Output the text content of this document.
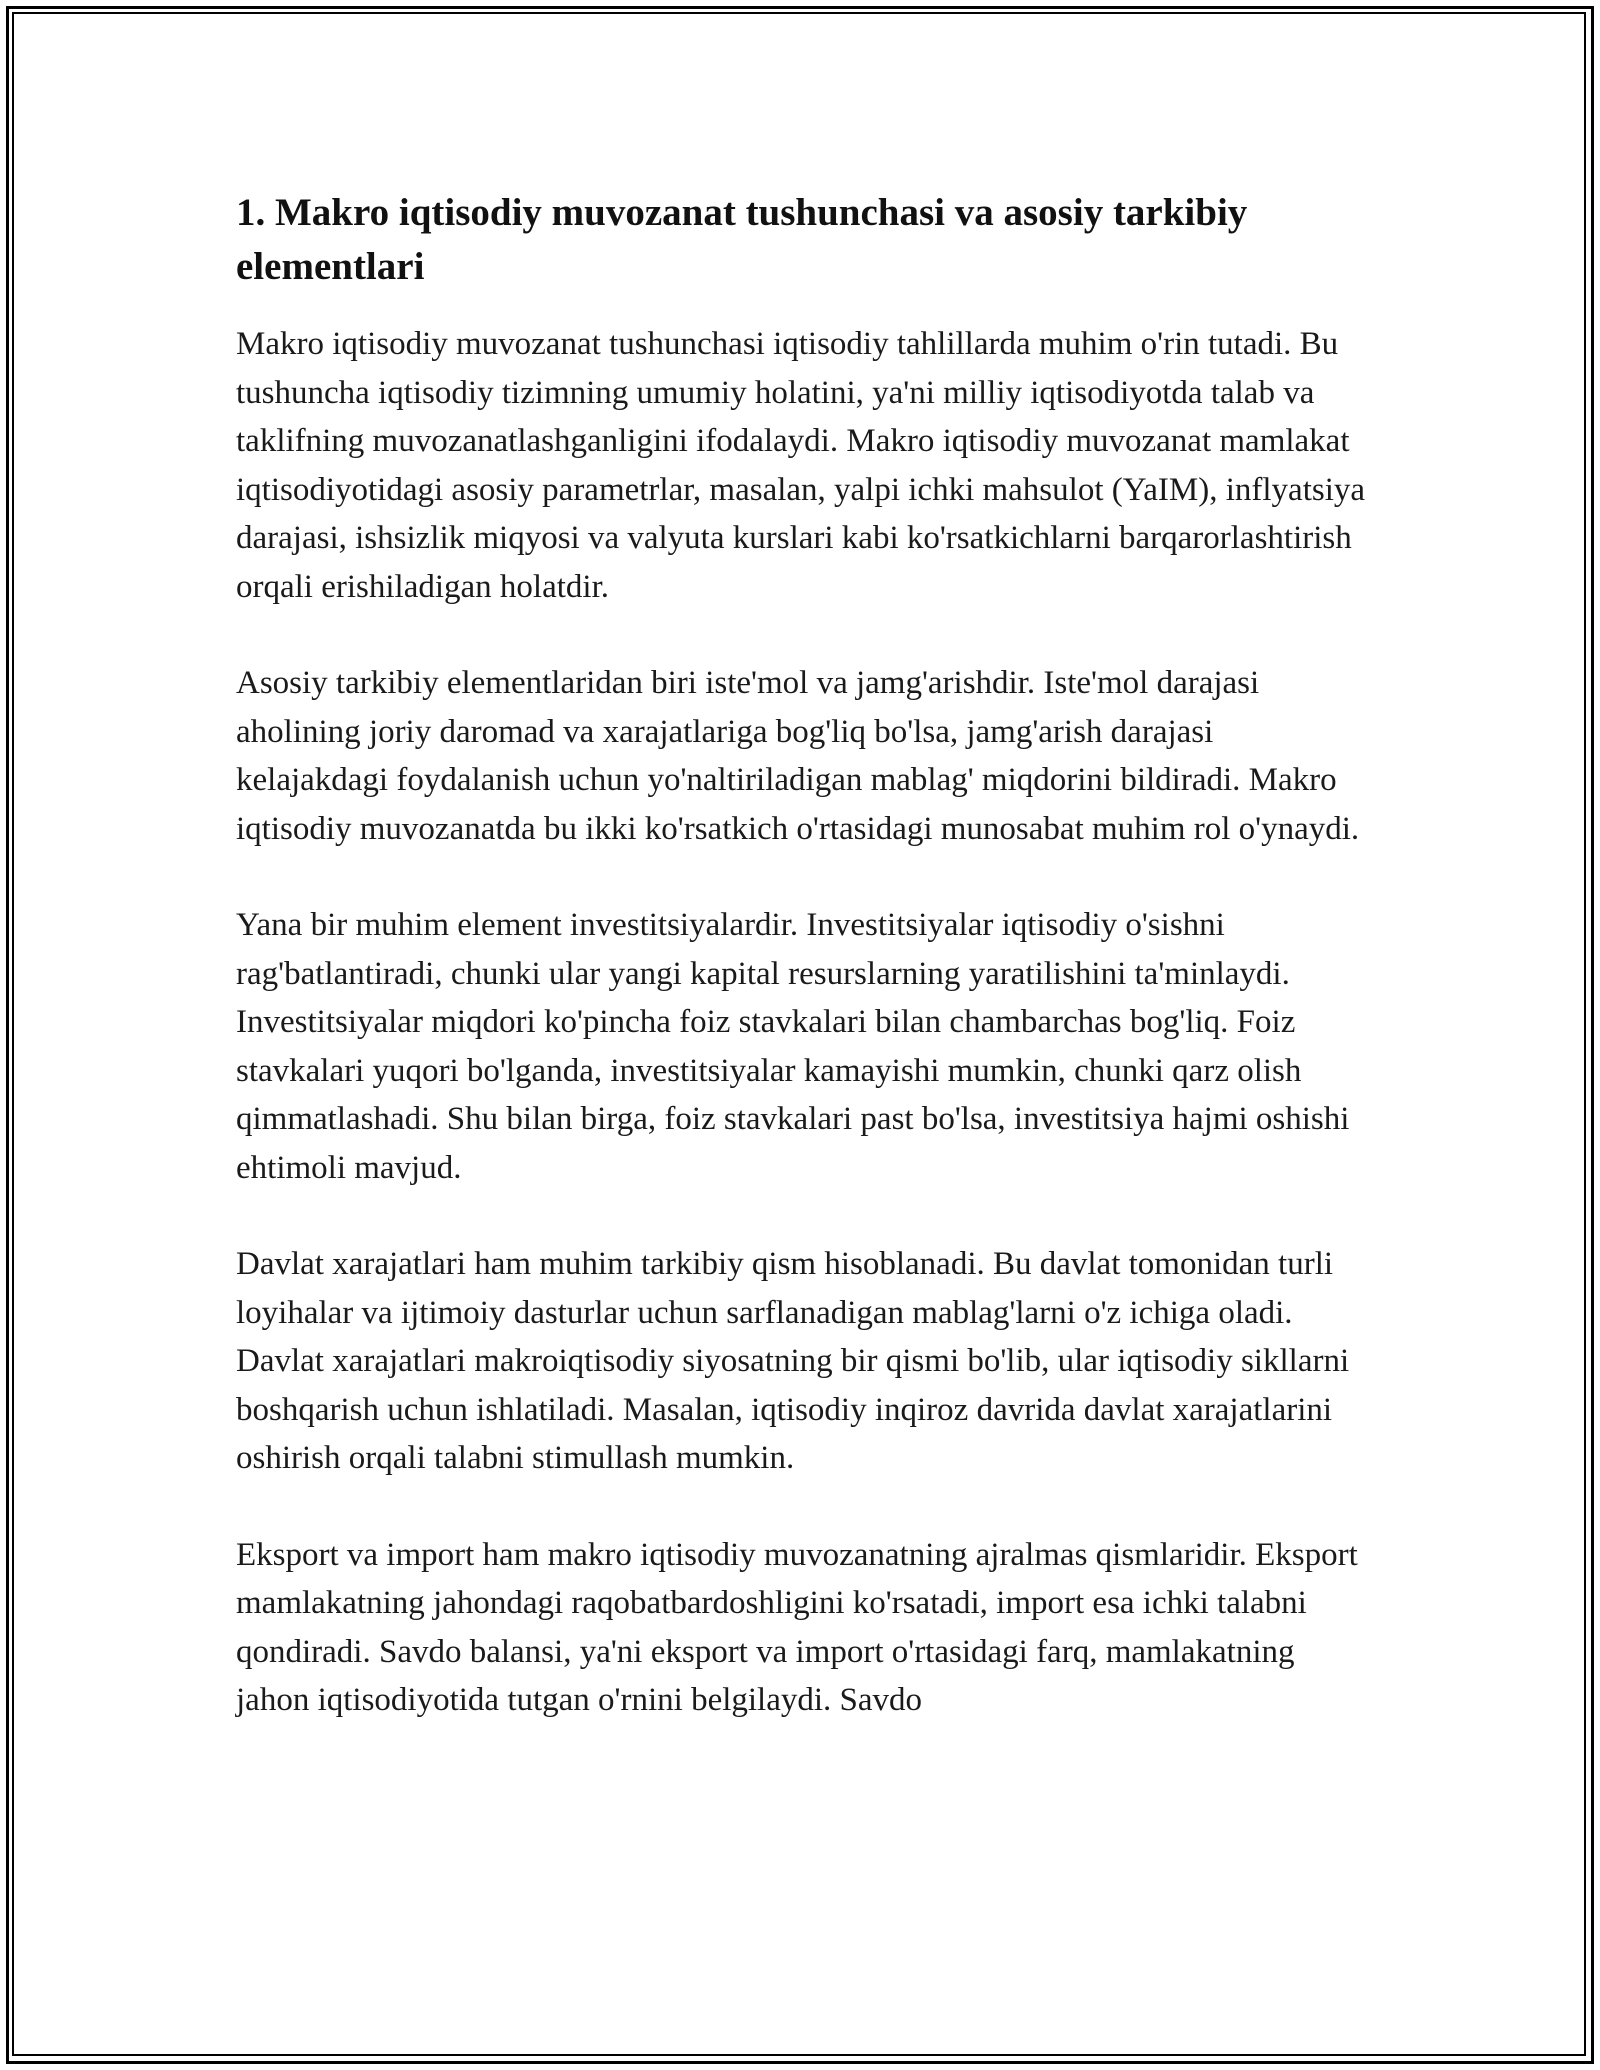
1. Makro iqtisodiy muvozanat tushunchasi va asosiy tarkibiy elementlari

Makro iqtisodiy muvozanat tushunchasi iqtisodiy tahlillarda muhim o'rin tutadi. Bu tushuncha iqtisodiy tizimning umumiy holatini, ya'ni milliy iqtisodiyotda talab va taklifning muvozanatlashganligini ifodalaydi. Makro iqtisodiy muvozanat mamlakat iqtisodiyotidagi asosiy parametrlar, masalan, yalpi ichki mahsulot (YaIM), inflyatsiya darajasi, ishsizlik miqyosi va valyuta kurslari kabi ko'rsatkichlarni barqarorlashtirish orqali erishiladigan holatdir.

Asosiy tarkibiy elementlaridan biri iste'mol va jamg'arishdir. Iste'mol darajasi aholining joriy daromad va xarajatlariga bog'liq bo'lsa, jamg'arish darajasi kelajakdagi foydalanish uchun yo'naltiriladigan mablag' miqdorini bildiradi. Makro iqtisodiy muvozanatda bu ikki ko'rsatkich o'rtasidagi munosabat muhim rol o'ynaydi.

Yana bir muhim element investitsiyalardir. Investitsiyalar iqtisodiy o'sishni rag'batlantiradi, chunki ular yangi kapital resurslarning yaratilishini ta'minlaydi. Investitsiyalar miqdori ko'pincha foiz stavkalari bilan chambarchas bog'liq. Foiz stavkalari yuqori bo'lganda, investitsiyalar kamayishi mumkin, chunki qarz olish qimmatlashadi. Shu bilan birga, foiz stavkalari past bo'lsa, investitsiya hajmi oshishi ehtimoli mavjud.

Davlat xarajatlari ham muhim tarkibiy qism hisoblanadi. Bu davlat tomonidan turli loyihalar va ijtimoiy dasturlar uchun sarflanadigan mablag'larni o'z ichiga oladi. Davlat xarajatlari makroiqtisodiy siyosatning bir qismi bo'lib, ular iqtisodiy sikllarni boshqarish uchun ishlatiladi. Masalan, iqtisodiy inqiroz davrida davlat xarajatlarini oshirish orqali talabni stimullash mumkin.

Eksport va import ham makro iqtisodiy muvozanatning ajralmas qismlaridir. Eksport mamlakatning jahondagi raqobatbardoshligini ko'rsatadi, import esa ichki talabni qondiradi. Savdo balansi, ya'ni eksport va import o'rtasidagi farq, mamlakatning jahon iqtisodiyotida tutgan o'rnini belgilaydi. Savdo
